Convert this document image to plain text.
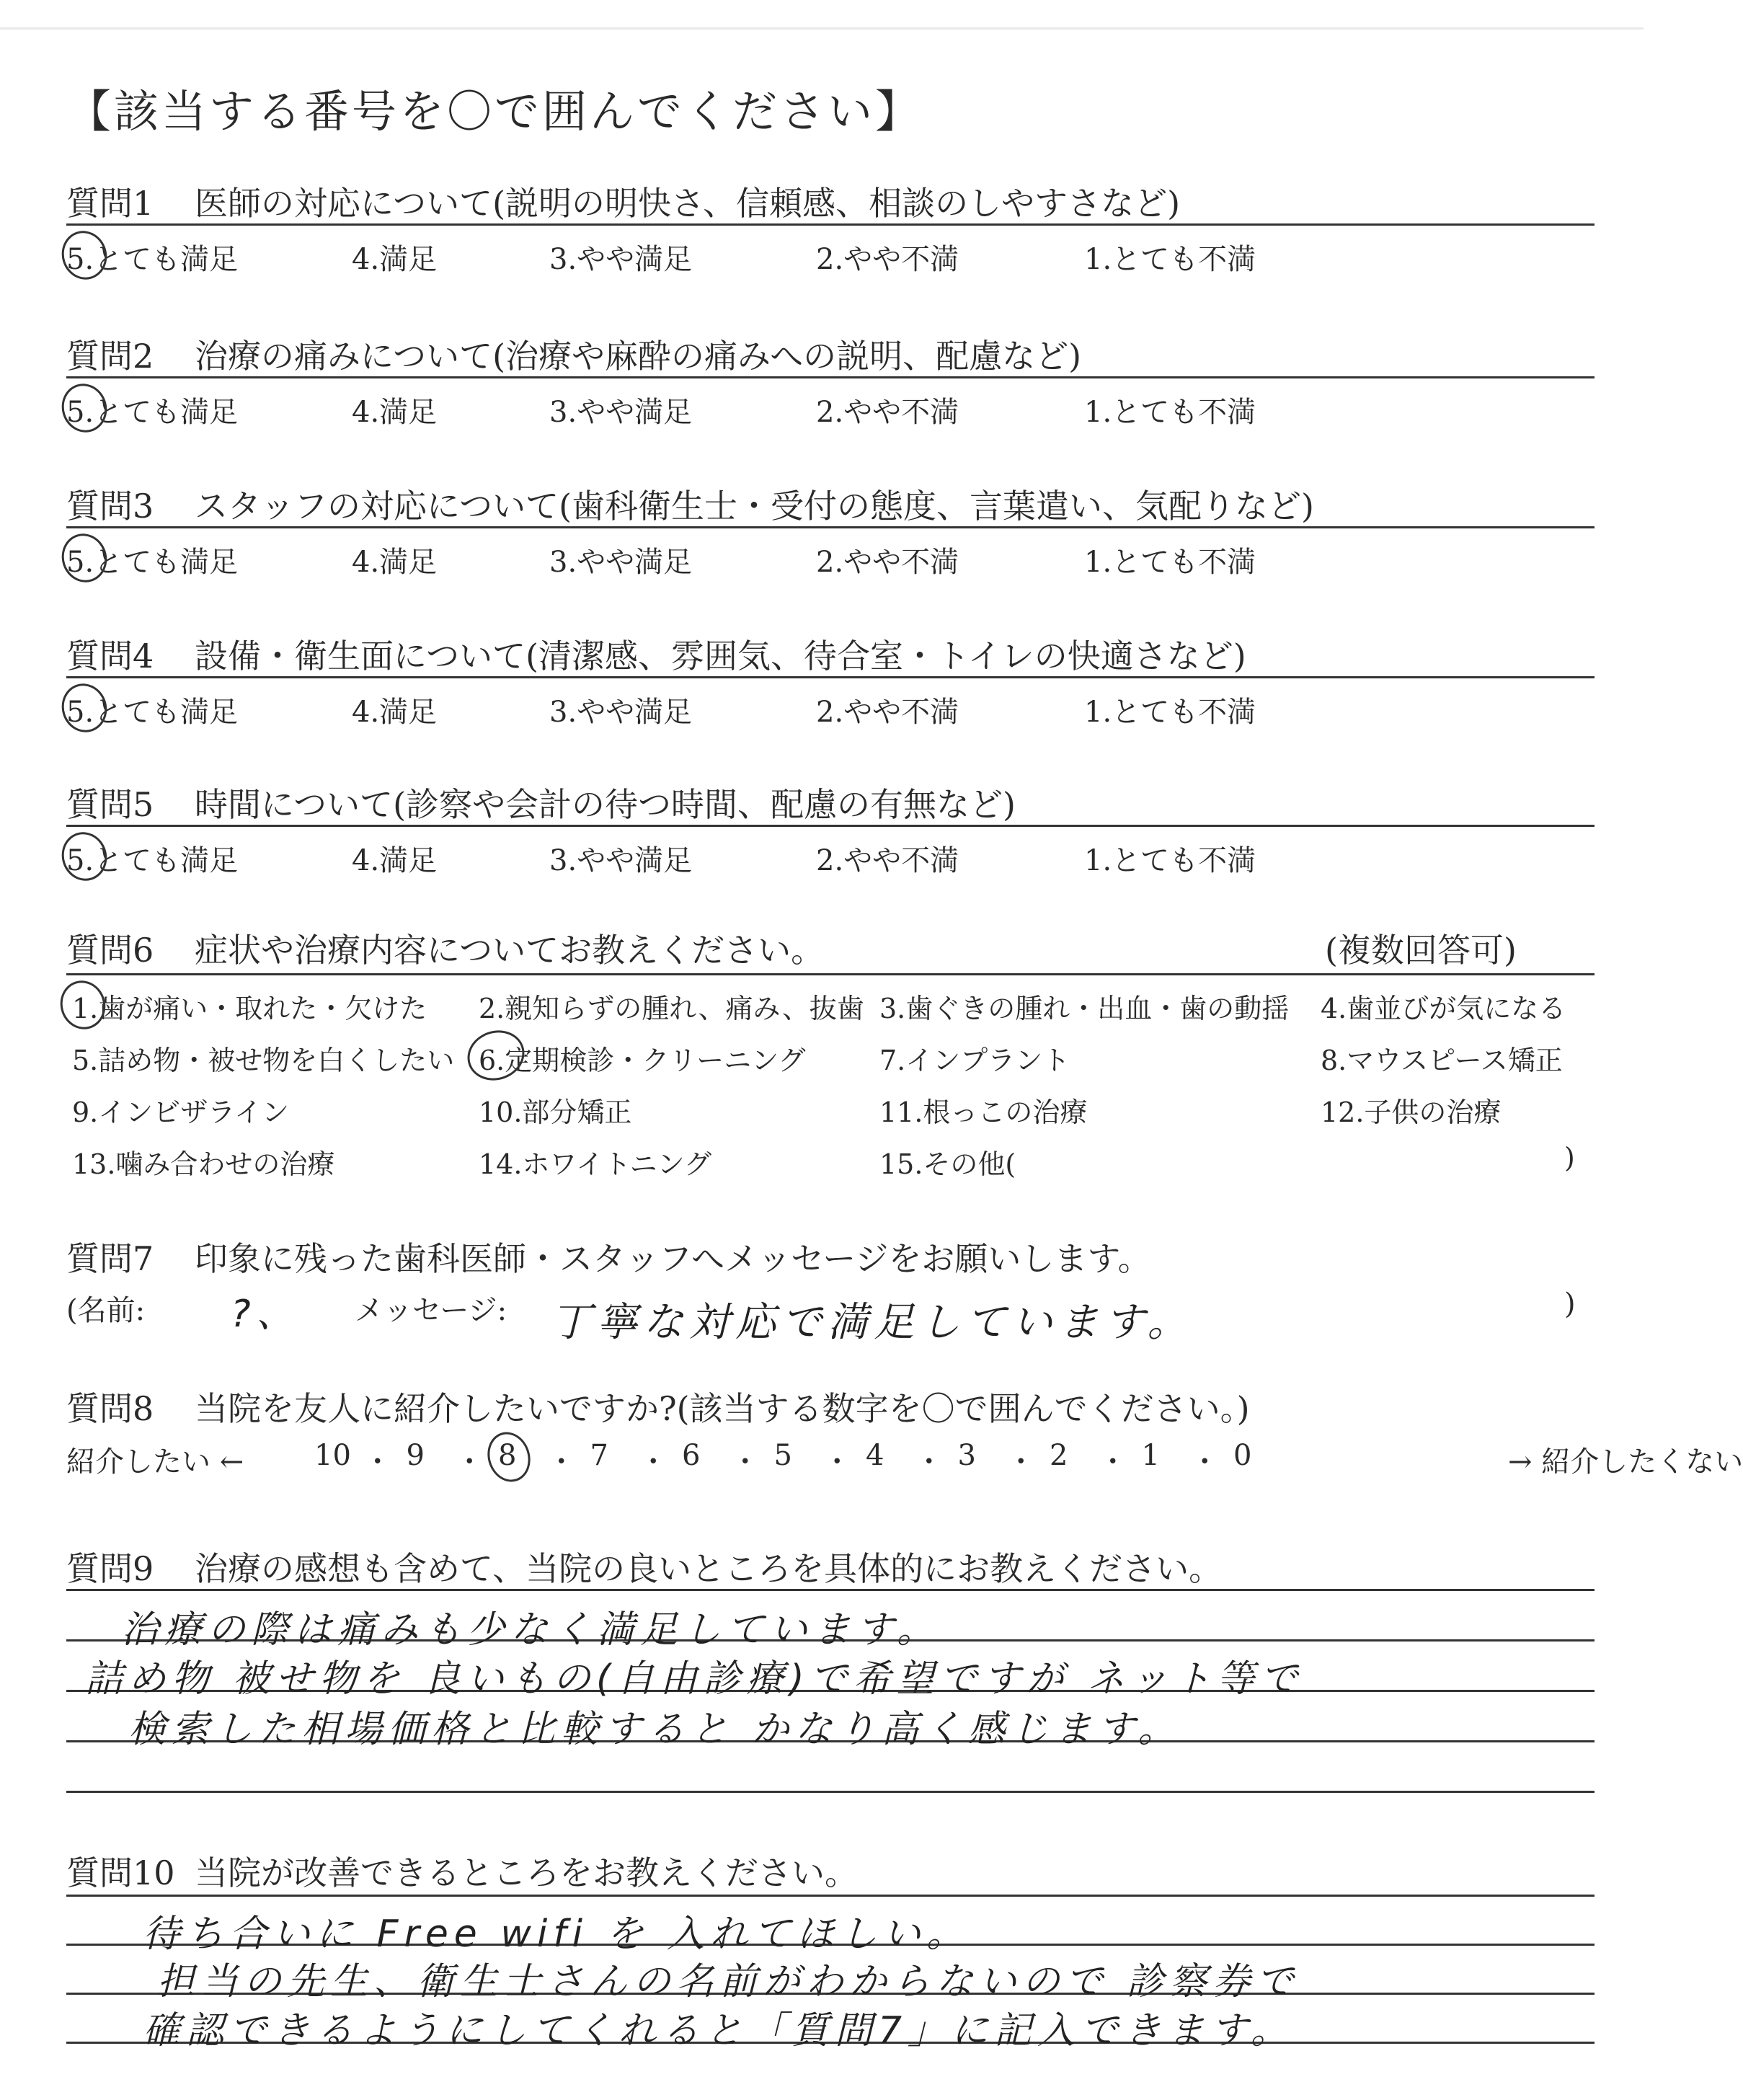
【該当する番号を〇で囲んでください】
質問1 医師の対応について(説明の明快さ、信頼感、相談のしやすさなど)
5.とても満足	4.満足	3.やや満足	2.やや不満	1.とても不満
質問2 治療の痛みについて(治療や麻酔の痛みへの説明、配慮など)
5.とても満足	4.満足	3.やや満足	2.やや不満	1.とても不満
質問3 スタッフの対応について(歯科衛生士・受付の態度、言葉遣い、気配りなど)
5.とても満足	4.満足	3.やや満足	2.やや不満	1.とても不満
質問4 設備・衛生面について(清潔感、雰囲気、待合室・トイレの快適さなど)
5.とても満足	4.満足	3.やや満足	2.やや不満	1.とても不満
質問5 時間について(診察や会計の待つ時間、配慮の有無など)
5.とても満足	4.満足	3.やや満足	2.やや不満	1.とても不満
質問6 症状や治療内容についてお教えください。	(複数回答可)
1.歯が痛い・取れた・欠けた 2.親知らずの腫れ、痛み、抜歯 3.歯ぐきの腫れ・出血・歯の動揺 4.歯並びが気になる
5.詰め物・被せ物を白くしたい 6.定期検診・クリーニング	7.インプラント	8.マウスピース矯正
9.インビザライン	10.部分矯正	11.根っこの治療	12.子供の治療
13.噛み合わせの治療	14.ホワイトニング	15.その他(	)
質問7 印象に残った歯科医師・スタッフへメッセージをお願いします。
(名前: ?、 メッセージ: 丁寧な対応で満足しています。	)
質問8 当院を友人に紹介したいですか?(該当する数字を〇で囲んでください。)
紹介したい ←	→ 紹介したくない
10 ・ 9 ・ 8 ・ 7 ・ 6 ・ 5 ・ 4 ・ 3 ・ 2 ・ 1 ・ 0
質問9 治療の感想も含めて、当院の良いところを具体的にお教えください。
治療の際は痛みも少なく満足しています。
詰め物 被せ物を 良いもの(自由診療)で希望ですが ネット等で
検索した相場価格と比較すると かなり高く感じます。
質問10 当院が改善できるところをお教えください。
待ち合いに Free wifi を 入れてほしい。
担当の先生、衛生士さんの名前がわからないので 診察券で
確認できるようにしてくれると「質問7」に記入できます。
